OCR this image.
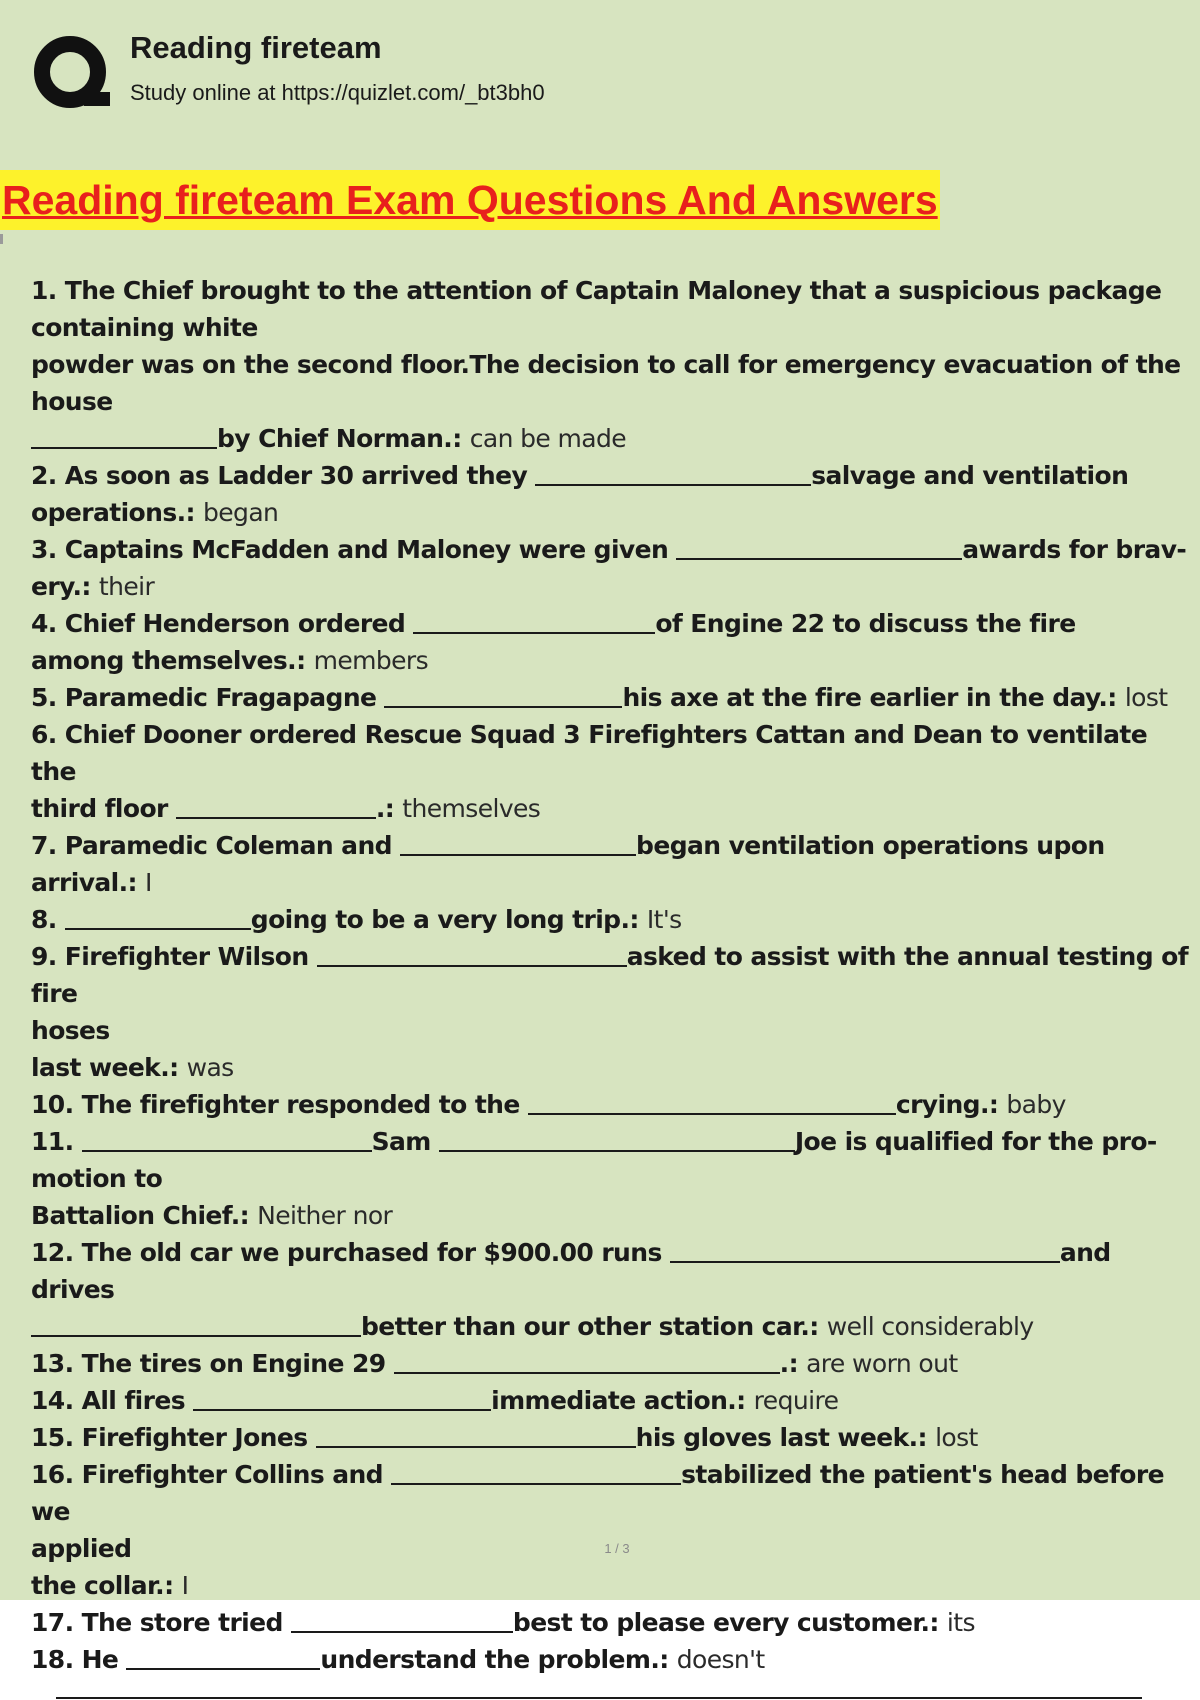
Reading fireteam
Study online at https://quizlet.com/_bt3bh0
Reading fireteam Exam Questions And Answers

1. The Chief brought to the attention of Captain Maloney that a suspicious package

containing white

powder was on the second floor.The decision to call for emergency evacuation of the house

by Chief Norman.: can be made

2. As soon as Ladder 30 arrived they	salvage and ventilation

operations.: began

3. Captains McFadden and Maloney were given	awards for brav-

ery.: their

4. Chief Henderson ordered	of Engine 22 to discuss the fire

among themselves.: members

5. Paramedic Fragapagne	his axe at the fire earlier in the day.: lost

6. Chief Dooner ordered Rescue Squad 3 Firefighters Cattan and Dean to ventilate

the

third floor	.: themselves

7. Paramedic Coleman and	began ventilation operations upon

arrival.: I

8.	going to be a very long trip.: It's

9. Firefighter Wilson	asked to assist with the annual testing of fire

hoses

last week.: was

10. The firefighter responded to the	crying.: baby

11.	Sam	Joe is qualified for the pro-

motion to

Battalion Chief.: Neither nor

12. The old car we purchased for $900.00 runs	and drives

better than our other station car.: well considerably

13. The tires on Engine 29	.: are worn out

14. All fires	immediate action.: require

15. Firefighter Jones	his gloves last week.: lost

16. Firefighter Collins and	stabilized the patient's head before we

applied

the collar.: I

17. The store tried	best to please every customer.: its

18. He	understand the problem.: doesn't

1 / 3
